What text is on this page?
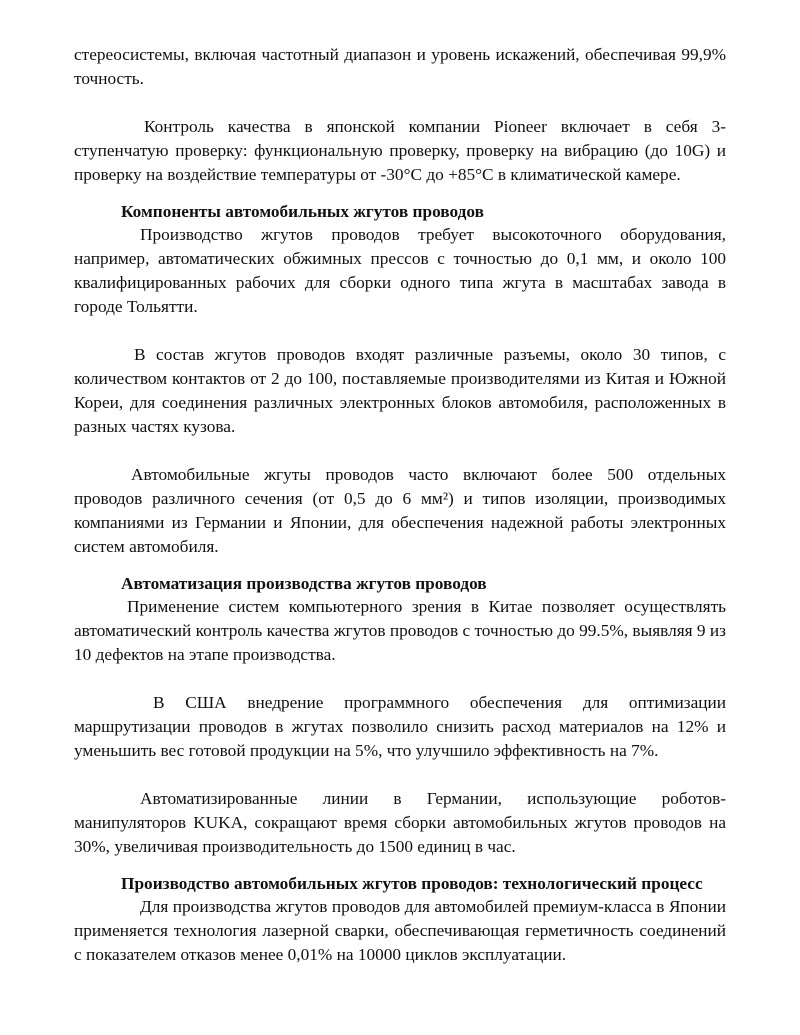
стереосистемы, включая частотный диапазон и уровень искажений, обеспечивая 99,9% точность.

Контроль качества в японской компании Pioneer включает в себя 3-ступенчатую проверку: функциональную проверку, проверку на вибрацию (до 10G) и проверку на воздействие температуры от -30°C до +85°C в климатической камере.

Компоненты автомобильных жгутов проводов

Производство жгутов проводов требует высокоточного оборудования, например, автоматических обжимных прессов с точностью до 0,1 мм, и около 100 квалифицированных рабочих для сборки одного типа жгута в масштабах завода в городе Тольятти.

В состав жгутов проводов входят различные разъемы, около 30 типов, с количеством контактов от 2 до 100, поставляемые производителями из Китая и Южной Кореи, для соединения различных электронных блоков автомобиля, расположенных в разных частях кузова.

Автомобильные жгуты проводов часто включают более 500 отдельных проводов различного сечения (от 0,5 до 6 мм²) и типов изоляции, производимых компаниями из Германии и Японии, для обеспечения надежной работы электронных систем автомобиля.

Автоматизация производства жгутов проводов

Применение систем компьютерного зрения в Китае позволяет осуществлять автоматический контроль качества жгутов проводов с точностью до 99.5%, выявляя 9 из 10 дефектов на этапе производства.

В США внедрение программного обеспечения для оптимизации маршрутизации проводов в жгутах позволило снизить расход материалов на 12% и уменьшить вес готовой продукции на 5%, что улучшило эффективность на 7%.

Автоматизированные линии в Германии, использующие роботов-манипуляторов KUKA, сокращают время сборки автомобильных жгутов проводов на 30%, увеличивая производительность до 1500 единиц в час.

Производство автомобильных жгутов проводов: технологический процесс

Для производства жгутов проводов для автомобилей премиум-класса в Японии применяется технология лазерной сварки, обеспечивающая герметичность соединений с показателем отказов менее 0,01% на 10000 циклов эксплуатации.
